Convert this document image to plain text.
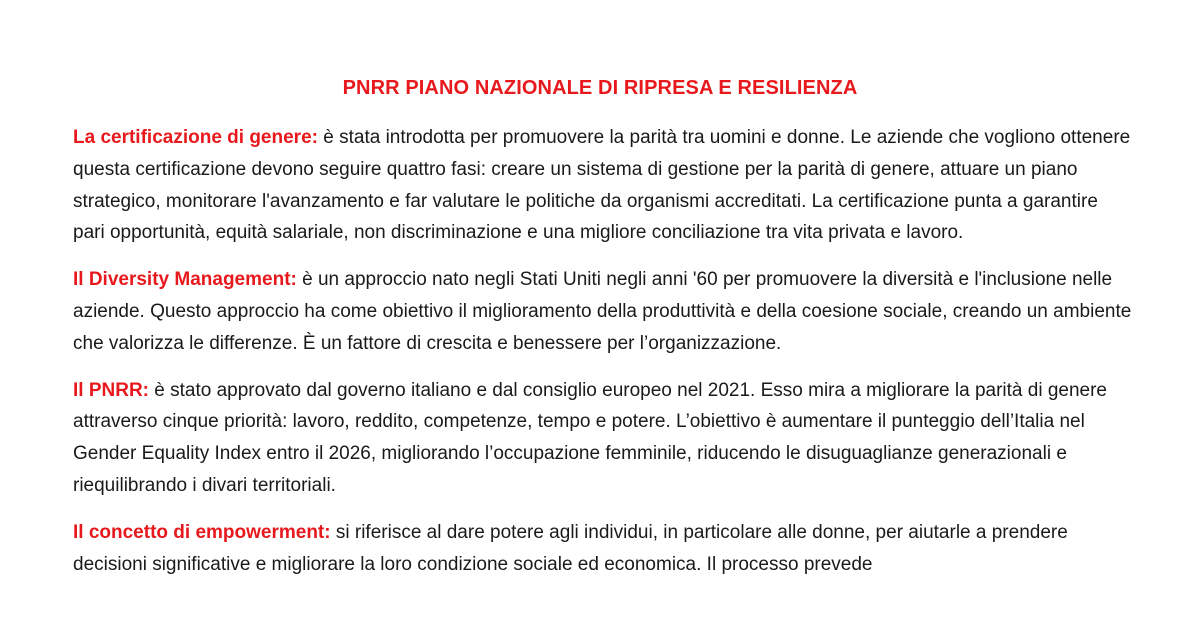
PNRR PIANO NAZIONALE DI RIPRESA E RESILIENZA

La certificazione di genere: è stata introdotta per promuovere la parità tra uomini e donne. Le aziende che vogliono ottenere questa certificazione devono seguire quattro fasi: creare un sistema di gestione per la parità di genere, attuare un piano strategico, monitorare l'avanzamento e far valutare le politiche da organismi accreditati. La certificazione punta a garantire pari opportunità, equità salariale, non discriminazione e una migliore conciliazione tra vita privata e lavoro.

Il Diversity Management: è un approccio nato negli Stati Uniti negli anni '60 per promuovere la diversità e l'inclusione nelle aziende. Questo approccio ha come obiettivo il miglioramento della produttività e della coesione sociale, creando un ambiente che valorizza le differenze. È un fattore di crescita e benessere per l’organizzazione.

Il PNRR: è stato approvato dal governo italiano e dal consiglio europeo nel 2021. Esso mira a migliorare la parità di genere attraverso cinque priorità: lavoro, reddito, competenze, tempo e potere. L’obiettivo è aumentare il punteggio dell’Italia nel Gender Equality Index entro il 2026, migliorando l’occupazione femminile, riducendo le disuguaglianze generazionali e riequilibrando i divari territoriali.

Il concetto di empowerment: si riferisce al dare potere agli individui, in particolare alle donne, per aiutarle a prendere decisioni significative e migliorare la loro condizione sociale ed economica. Il processo prevede
